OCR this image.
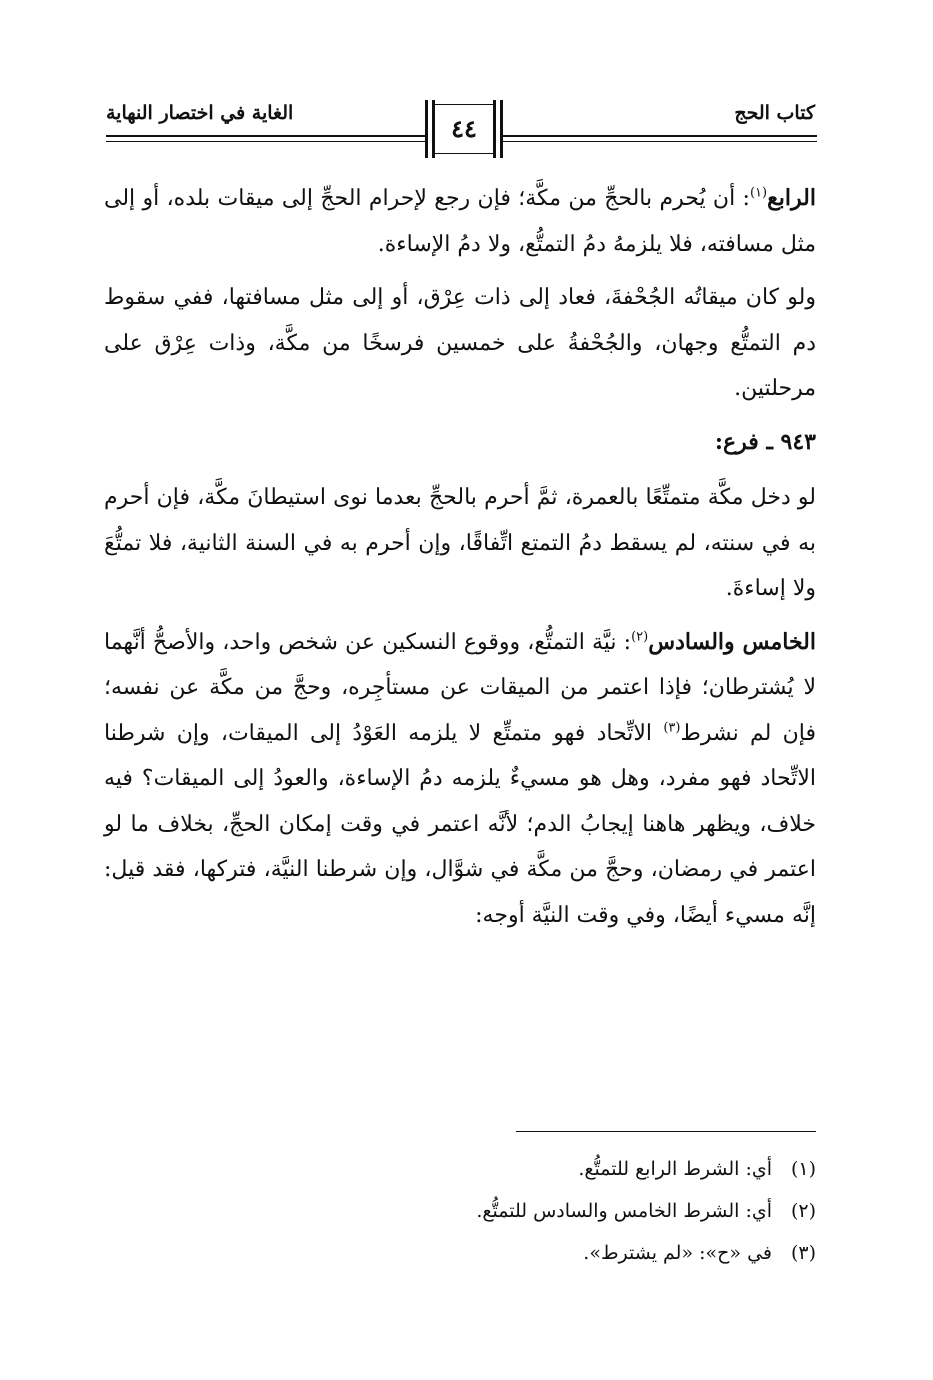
كتاب الحج
الغاية في اختصار النهاية
٤٤

الرابع$^{(١)}$: أن يُحرم بالحجِّ من مكَّة؛ فإن رجع لإحرام الحجِّ إلى ميقات بلده، أو إلى مثل مسافته، فلا يلزمهُ دمُ التمتُّع، ولا دمُ الإساءة.

ولو كان ميقاتُه الجُحْفةَ، فعاد إلى ذات عِرْق، أو إلى مثل مسافتها، ففي سقوط دم التمتُّع وجهان، والجُحْفةُ على خمسين فرسخًا من مكَّة، وذات عِرْق على مرحلتين.

٩٤٣ ـ فرع:

لو دخل مكَّة متمتِّعًا بالعمرة، ثمَّ أحرم بالحجِّ بعدما نوى استيطانَ مكَّة، فإن أحرم به في سنته، لم يسقط دمُ التمتع اتِّفاقًا، وإن أحرم به في السنة الثانية، فلا تمتُّعَ ولا إساءةَ.

الخامس والسادس$^{(٢)}$: نيَّة التمتُّع، ووقوع النسكين عن شخص واحد، والأصحُّ أنَّهما لا يُشترطان؛ فإذا اعتمر من الميقات عن مستأجِره، وحجَّ من مكَّة عن نفسه؛ فإن لم نشرط$^{(٣)}$ الاتِّحاد فهو متمتِّع لا يلزمه العَوْدُ إلى الميقات، وإن شرطنا الاتِّحاد فهو مفرد، وهل هو مسيءٌ يلزمه دمُ الإساءة، والعودُ إلى الميقات؟ فيه خلاف، ويظهر هاهنا إيجابُ الدم؛ لأنَّه اعتمر في وقت إمكان الحجِّ، بخلاف ما لو اعتمر في رمضان، وحجَّ من مكَّة في شوَّال، وإن شرطنا النيَّة، فتركها، فقد قيل: إنَّه مسيء أيضًا، وفي وقت النيَّة أوجه:

(١)أي: الشرط الرابع للتمتُّع.
(٢)أي: الشرط الخامس والسادس للتمتُّع.
(٣)في «ح»: «لم يشترط».
